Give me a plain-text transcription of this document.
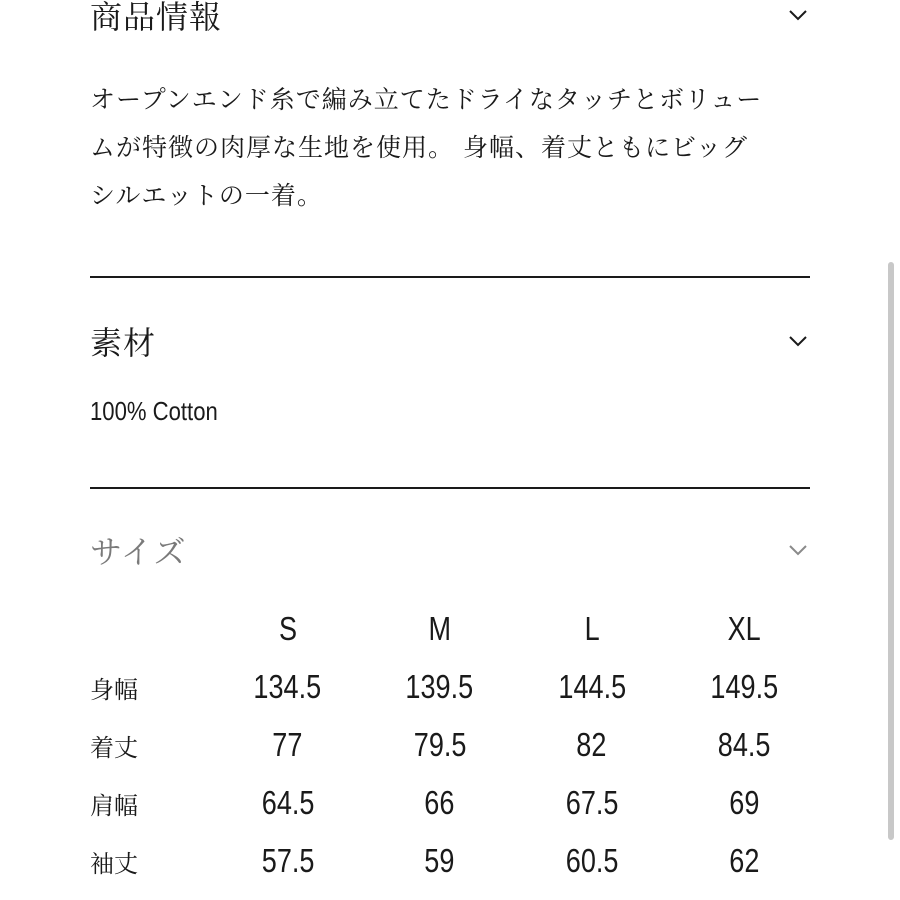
商品情報

オープンエンド糸で編み立てたドライなタッチとボリュー
ムが特徴の肉厚な生地を使用。 身幅、着丈ともにビッグ
シルエットの一着。

素材
100% Cotton
サイズ
	S	M	L	XL
身幅	134.5	139.5	144.5	149.5
着丈	77	79.5	82	84.5
肩幅	64.5	66	67.5	69
袖丈	57.5	59	60.5	62
